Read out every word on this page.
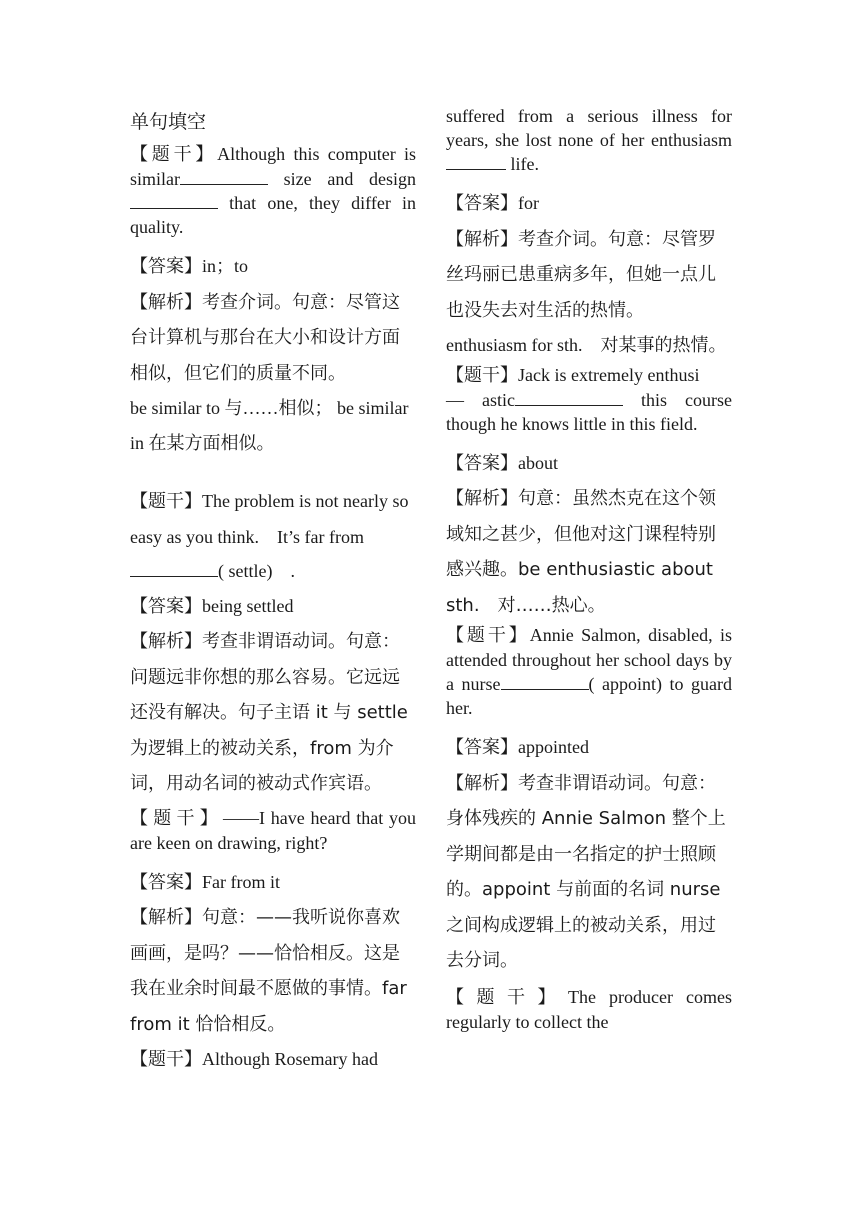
单句填空
【题干】Although this computer is similar	size and design that one, they differ in quality.
【答案】in；to
【解析】考查介词。句意：尽管这台计算机与那台在大小和设计方面相似，但它们的质量不同。
be similar to 与……相似； be similar in 在某方面相似。
【题干】The problem is not nearly so easy as you think.　It’s far from( settle)　.
【答案】being settled
【解析】考查非谓语动词。句意：问题远非你想的那么容易。它远远还没有解决。句子主语 it 与 settle 为逻辑上的被动关系，from 为介词，用动名词的被动式作宾语。
【题干】——I have heard that you are keen on drawing, right?
【答案】Far from it
【解析】句意：——我听说你喜欢画画，是吗？——恰恰相反。这是我在业余时间最不愿做的事情。far from it 恰恰相反。
【题干】Although Rosemary had
suffered from a serious illness for years, she lost none of her enthusiasm life.
【答案】for
【解析】考查介词。句意：尽管罗丝玛丽已患重病多年，但她一点儿也没失去对生活的热情。
enthusiasm for sth.　对某事的热情。
【题干】Jack is extremely enthusi
— astic	this course though he knows little in this field.
【答案】about
【解析】句意：虽然杰克在这个领域知之甚少，但他对这门课程特别感兴趣。be enthusiastic about sth.　对……热心。
【题干】Annie Salmon, disabled, is attended throughout her school days by a nurse	( appoint) to guard her.
【答案】appointed
【解析】考查非谓语动词。句意：身体残疾的 Annie Salmon 整个上学期间都是由一名指定的护士照顾的。appoint 与前面的名词 nurse 之间构成逻辑上的被动关系，用过去分词。
【题干】The producer comes regularly to collect the
